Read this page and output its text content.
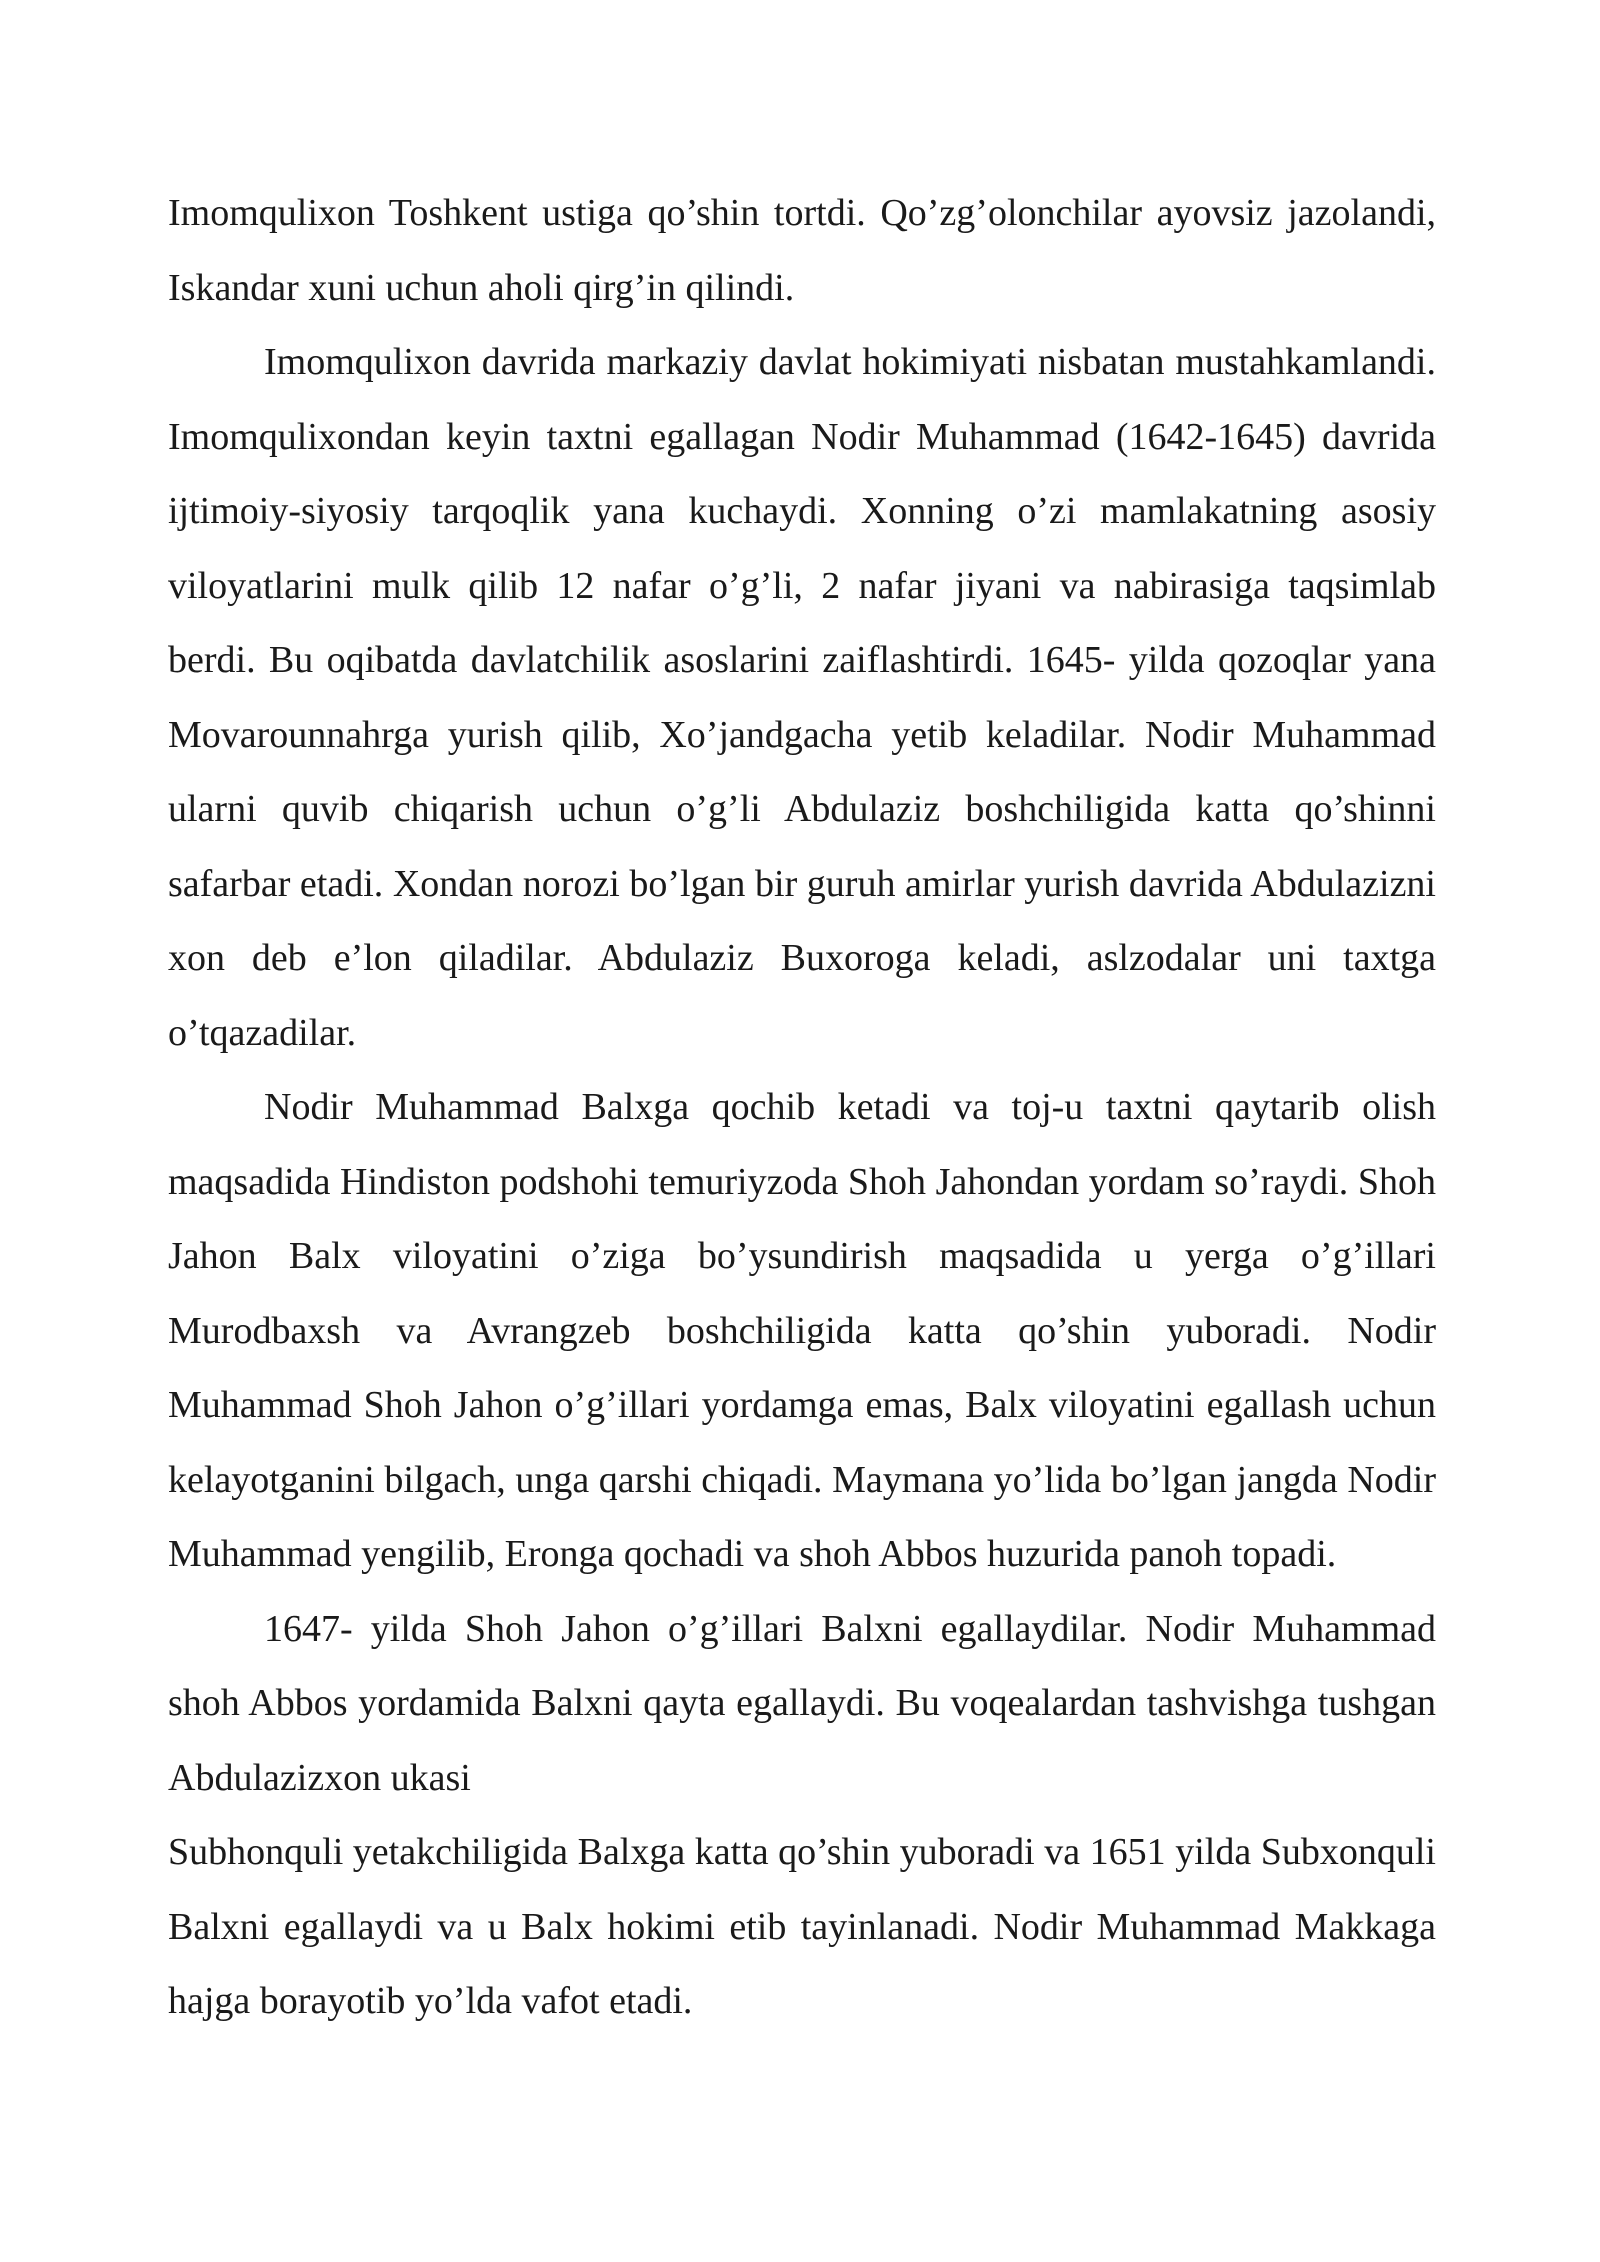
Imomqulixon Toshkent ustiga qo’shin tortdi. Qo’zg’olonchilar ayovsiz jazolandi, Iskandar xuni uchun aholi qirg’in qilindi.

Imomqulixon davrida markaziy davlat hokimiyati nisbatan mustahkamlandi. Imomqulixondan keyin taxtni egallagan Nodir Muhammad (1642-1645) davrida ijtimoiy-siyosiy tarqoqlik yana kuchaydi. Xonning o’zi mamlakatning asosiy viloyatlarini mulk qilib 12 nafar o’g’li, 2 nafar jiyani va nabirasiga taqsimlab berdi. Bu oqibatda davlatchilik asoslarini zaiflashtirdi. 1645- yilda qozoqlar yana Movarounnahrga yurish qilib, Xo’jandgacha yetib keladilar. Nodir Muhammad ularni quvib chiqarish uchun o’g’li Abdulaziz boshchiligida katta qo’shinni safarbar etadi. Xondan norozi bo’lgan bir guruh amirlar yurish davrida Abdulazizni xon deb e’lon qiladilar. Abdulaziz Buxoroga keladi, aslzodalar uni taxtga o’tqazadilar.

Nodir Muhammad Balxga qochib ketadi va toj-u taxtni qaytarib olish maqsadida Hindiston podshohi temuriyzoda Shoh Jahondan yordam so’raydi. Shoh Jahon Balx viloyatini o’ziga bo’ysundirish maqsadida u yerga o’g’illari Murodbaxsh va Avrangzeb boshchiligida katta qo’shin yuboradi. Nodir Muhammad Shoh Jahon o’g’illari yordamga emas, Balx viloyatini egallash uchun kelayotganini bilgach, unga qarshi chiqadi. Maymana yo’lida bo’lgan jangda Nodir Muhammad yengilib, Eronga qochadi va shoh Abbos huzurida panoh topadi.

1647- yilda Shoh Jahon o’g’illari Balxni egallaydilar. Nodir Muhammad shoh Abbos yordamida Balxni qayta egallaydi. Bu voqealardan tashvishga tushgan Abdulazizxon ukasi

Subhonquli yetakchiligida Balxga katta qo’shin yuboradi va 1651 yilda Subxonquli Balxni egallaydi va u Balx hokimi etib tayinlanadi. Nodir Muhammad Makkaga hajga borayotib yo’lda vafot etadi.
